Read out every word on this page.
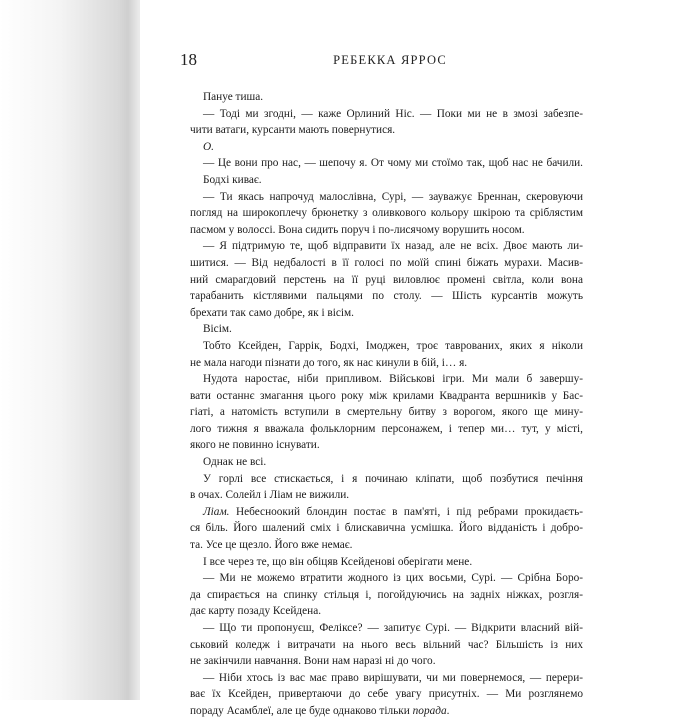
18	РЕБЕККА ЯРРОС
Пануе тиша.
— Тоді ми згодні, — каже Орлиний Ніс. — Поки ми не в змозі забезпе-
чити ватаги, курсанти мають повернутися.
О.
— Це вони про нас, — шепочу я. От чому ми стоїмо так, щоб нас не бачили.
Бодхі киває.
— Ти якась напрочуд малослівна, Сурі, — зауважує Бреннан, скеровуючи
погляд на широкоплечу брюнетку з оливкового кольору шкірою та сріблястим
пасмом у волоссі. Вона сидить поруч і по-лисячому ворушить носом.
— Я підтримую те, щоб відправити їх назад, але не всіх. Двоє мають ли-
шитися. — Від недбалості в її голосі по моїй спині біжать мурахи. Масив-
ний смарагдовий перстень на її руці виловлює промені світла, коли вона
тарабанить кістлявими пальцями по столу. — Шість курсантів можуть
брехати так само добре, як і вісім.
Вісім.
Тобто Ксейден, Гаррік, Бодхі, Імоджен, троє таврованих, яких я ніколи
не мала нагоди пізнати до того, як нас кинули в бій, і… я.
Нудота наростає, ніби припливом. Військові ігри. Ми мали б завершу-
вати останнє змагання цього року між крилами Квадранта вершників у Бас-
гіаті, а натомість вступили в смертельну битву з ворогом, якого ще мину-
лого тижня я вважала фольклорним персонажем, і тепер ми… тут, у місті,
якого не повинно існувати.
Однак не всі.
У горлі все стискається, і я починаю кліпати, щоб позбутися печіння
в очах. Солейл і Ліам не вижили.
Ліам. Небесноокий блондин постає в пам'яті, і під ребрами прокидаєть-
ся біль. Його шалений сміх і блискавична усмішка. Його відданість і добро-
та. Усе це щезло. Його вже немає.
І все через те, що він обіцяв Ксейденові оберігати мене.
— Ми не можемо втратити жодного із цих восьми, Сурі. — Срібна Боро-
да спирається на спинку стільця і, погойдуючись на задніх ніжках, розгля-
дає карту позаду Ксейдена.
— Що ти пропонуєш, Феліксе? — запитує Сурі. — Відкрити власний вій-
ськовий коледж і витрачати на нього весь вільний час? Більшість із них
не закінчили навчання. Вони нам наразі ні до чого.
— Ніби хтось із вас має право вирішувати, чи ми повернемося, — перери-
ває їх Ксейден, привертаючи до себе увагу присутніх. — Ми розглянемо
пораду Асамблеї, але це буде однаково тільки порада.
